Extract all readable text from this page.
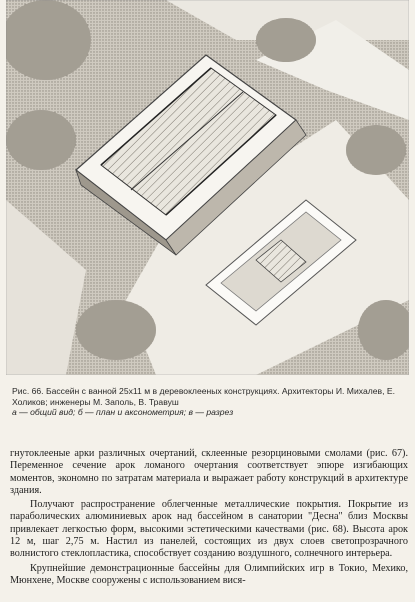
Рис. 66. Бассейн с ванной 25х11 м в деревоклееных конструкциях. Архитекторы И. Михалев, Е. Холиков; инженеры М. Заполь, В. Травуш
а — общий вид; б — план и аксонометрия; в — разрез

гнутоклееные арки различных очертаний, склеенные резорциновыми смолами (рис. 67). Переменное сечение арок ломаного очертания соответствует эпюре изгибающих моментов, экономно по затратам материала и выражает работу конструкций в архитектуре здания.

Получают распространение облегченные металлические покрытия. Покрытие из параболических алюминиевых арок над бассейном в санатории "Десна" близ Москвы привлекает легкостью форм, высокими эстетическими качествами (рис. 68). Высота арок 12 м, шаг 2,75 м. Настил из панелей, состоящих из двух слоев светопрозрачного волнистого стеклопластика, способствует созданию воздушного, солнечного интерьера.

Крупнейшие демонстрационные бассейны для Олимпийских игр в Токио, Мехико, Мюнхене, Москве сооружены с использованием вися-
